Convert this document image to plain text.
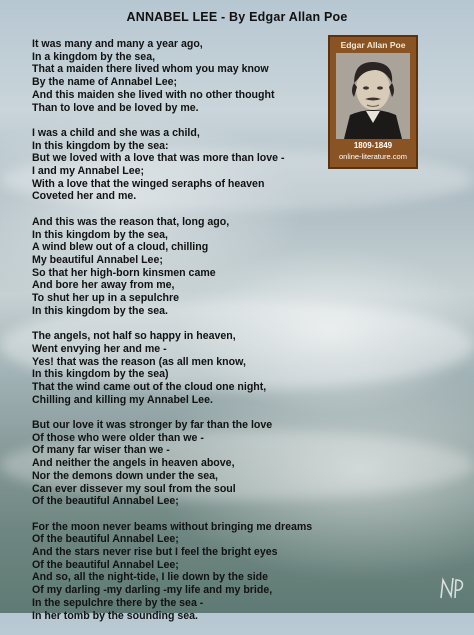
ANNABEL LEE - By Edgar Allan Poe
It was many and many a year ago,
In a kingdom by the sea,
That a maiden there lived whom you may know
By the name of Annabel Lee;
And this maiden she lived with no other thought
Than to love and be loved by me.
I was a child and she was a child,
In this kingdom by the sea:
But we loved with a love that was more than love -
I and my Annabel Lee;
With a love that the winged seraphs of heaven
Coveted her and me.
And this was the reason that, long ago,
In this kingdom by the sea,
A wind blew out of a cloud, chilling
My beautiful Annabel Lee;
So that her high-born kinsmen came
And bore her away from me,
To shut her up in a sepulchre
In this kingdom by the sea.
The angels, not half so happy in heaven,
Went envying her and me -
Yes! that was the reason (as all men know,
In this kingdom by the sea)
That the wind came out of the cloud one night,
Chilling and killing my Annabel Lee.
But our love it was stronger by far than the love
Of those who were older than we -
Of many far wiser than we -
And neither the angels in heaven above,
Nor the demons down under the sea,
Can ever dissever my soul from the soul
Of the beautiful Annabel Lee;
For the moon never beams without bringing me dreams
Of the beautiful Annabel Lee;
And the stars never rise but I feel the bright eyes
Of the beautiful Annabel Lee;
And so, all the night-tide, I lie down by the side
Of my darling -my darling -my life and my bride,
In the sepulchre there by the sea -
In her tomb by the sounding sea.
Edgar Allan Poe
1809-1849
online-literature.com
